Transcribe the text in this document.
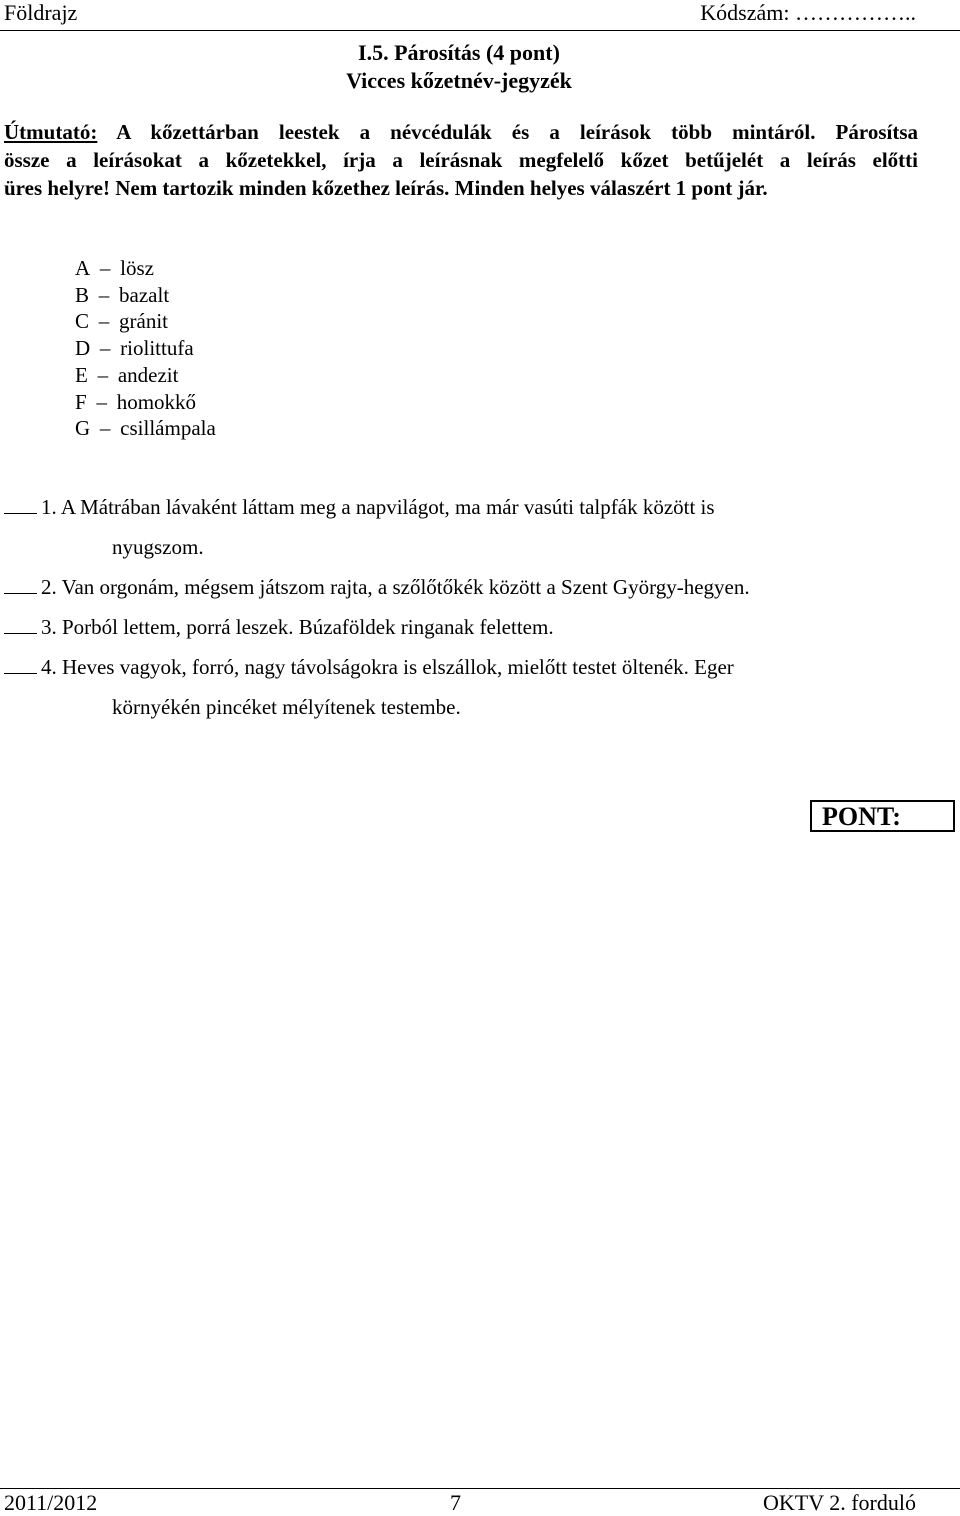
Földrajz	Kódszám: ……………..
I.5. Párosítás (4 pont)
Vicces kőzetnév-jegyzék
Útmutató: A kőzettárban leestek a névcédulák és a leírások több mintáról. Párosítsa
össze a leírásokat a kőzetekkel, írja a leírásnak megfelelő kőzet betűjelét a leírás előtti
üres helyre! Nem tartozik minden kőzethez leírás. Minden helyes válaszért 1 pont jár.
A – lösz
B – bazalt
C – gránit
D – riolittufa
E – andezit
F – homokkő
G – csillámpala
1. A Mátrában lávaként láttam meg a napvilágot, ma már vasúti talpfák között is
nyugszom.
2. Van orgonám, mégsem játszom rajta, a szőlőtőkék között a Szent György-hegyen.
3. Porból lettem, porrá leszek. Búzaföldek ringanak felettem.
4. Heves vagyok, forró, nagy távolságokra is elszállok, mielőtt testet öltenék. Eger
környékén pincéket mélyítenek testembe.
PONT:
2011/2012	7	OKTV 2. forduló
